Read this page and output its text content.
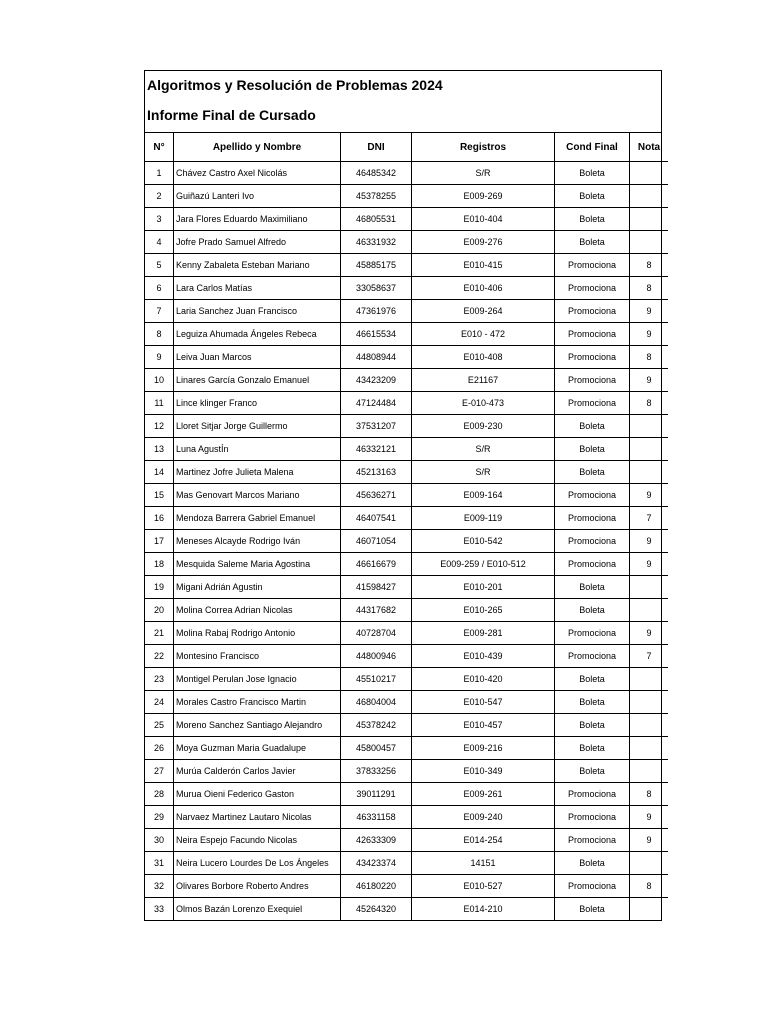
Algoritmos y Resolución de Problemas 2024
Informe Final de Cursado
N°	Apellido y Nombre	DNI	Registros	Cond Final	Nota
1	Chávez Castro Axel Nicolás	46485342	S/R	Boleta	
2	Guiñazú Lanteri Ivo	45378255	E009-269	Boleta	
3	Jara Flores Eduardo Maximiliano	46805531	E010-404	Boleta	
4	Jofre Prado Samuel Alfredo	46331932	E009-276	Boleta	
5	Kenny Zabaleta Esteban Mariano	45885175	E010-415	Promociona	8
6	Lara Carlos Matías	33058637	E010-406	Promociona	8
7	Laria Sanchez Juan Francisco	47361976	E009-264	Promociona	9
8	Leguiza Ahumada Ángeles Rebeca	46615534	E010 - 472	Promociona	9
9	Leiva Juan Marcos	44808944	E010-408	Promociona	8
10	Linares García Gonzalo Emanuel	43423209	E21167	Promociona	9
11	Lince klinger Franco	47124484	E-010-473	Promociona	8
12	Lloret Sitjar Jorge Guillermo	37531207	E009-230	Boleta	
13	Luna AgustÍn	46332121	S/R	Boleta	
14	Martinez Jofre Julieta Malena	45213163	S/R	Boleta	
15	Mas Genovart Marcos Mariano	45636271	E009-164	Promociona	9
16	Mendoza Barrera Gabriel Emanuel	46407541	E009-119	Promociona	7
17	Meneses Alcayde Rodrigo Iván	46071054	E010-542	Promociona	9
18	Mesquida Saleme Maria Agostina	46616679	E009-259 / E010-512	Promociona	9
19	Migani Adrián Agustin	41598427	E010-201	Boleta	
20	Molina Correa Adrian Nicolas	44317682	E010-265	Boleta	
21	Molina Rabaj Rodrigo Antonio	40728704	E009-281	Promociona	9
22	Montesino Francisco	44800946	E010-439	Promociona	7
23	Montigel Perulan Jose Ignacio	45510217	E010-420	Boleta	
24	Morales Castro Francisco Martin	46804004	E010-547	Boleta	
25	Moreno Sanchez Santiago Alejandro	45378242	E010-457	Boleta	
26	Moya Guzman Maria Guadalupe	45800457	E009-216	Boleta	
27	Murúa Calderón Carlos Javier	37833256	E010-349	Boleta	
28	Murua Oieni Federico Gaston	39011291	E009-261	Promociona	8
29	Narvaez Martinez Lautaro Nicolas	46331158	E009-240	Promociona	9
30	Neira Espejo Facundo Nicolas	42633309	E014-254	Promociona	9
31	Neira Lucero Lourdes De Los Ángeles	43423374	14151	Boleta	
32	Olivares Borbore Roberto Andres	46180220	E010-527	Promociona	8
33	Olmos Bazán Lorenzo Exequiel	45264320	E014-210	Boleta	
